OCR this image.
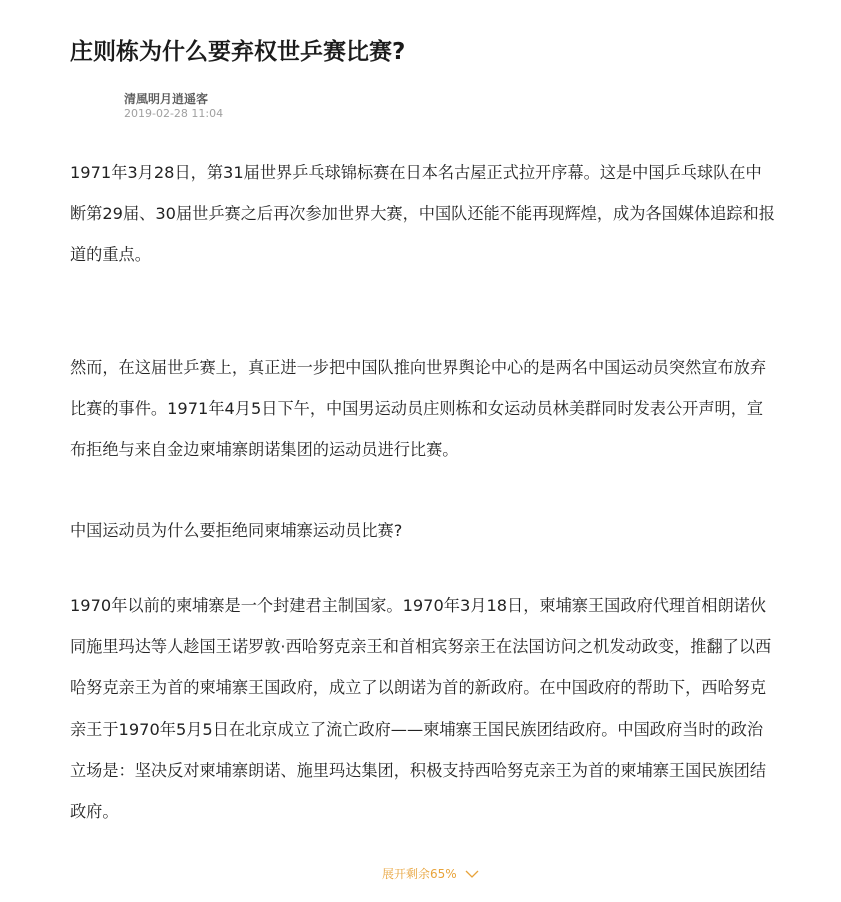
庄则栋为什么要弃权世乒赛比赛?
清風明月逍遥客
2019-02-28 11:04

1971年3月28日，第31届世界乒乓球锦标赛在日本名古屋正式拉开序幕。这是中国乒乓球队在中断第29届、30届世乒赛之后再次参加世界大赛，中国队还能不能再现辉煌，成为各国媒体追踪和报道的重点。

然而，在这届世乒赛上，真正进一步把中国队推向世界舆论中心的是两名中国运动员突然宣布放弃比赛的事件。1971年4月5日下午，中国男运动员庄则栋和女运动员林美群同时发表公开声明，宣布拒绝与来自金边柬埔寨朗诺集团的运动员进行比赛。

中国运动员为什么要拒绝同柬埔寨运动员比赛?

1970年以前的柬埔寨是一个封建君主制国家。1970年3月18日，柬埔寨王国政府代理首相朗诺伙同施里玛达等人趁国王诺罗敦·西哈努克亲王和首相宾努亲王在法国访问之机发动政变，推翻了以西哈努克亲王为首的柬埔寨王国政府，成立了以朗诺为首的新政府。在中国政府的帮助下，西哈努克亲王于1970年5月5日在北京成立了流亡政府——柬埔寨王国民族团结政府。中国政府当时的政治立场是：坚决反对柬埔寨朗诺、施里玛达集团，积极支持西哈努克亲王为首的柬埔寨王国民族团结政府。

展开剩余65%
